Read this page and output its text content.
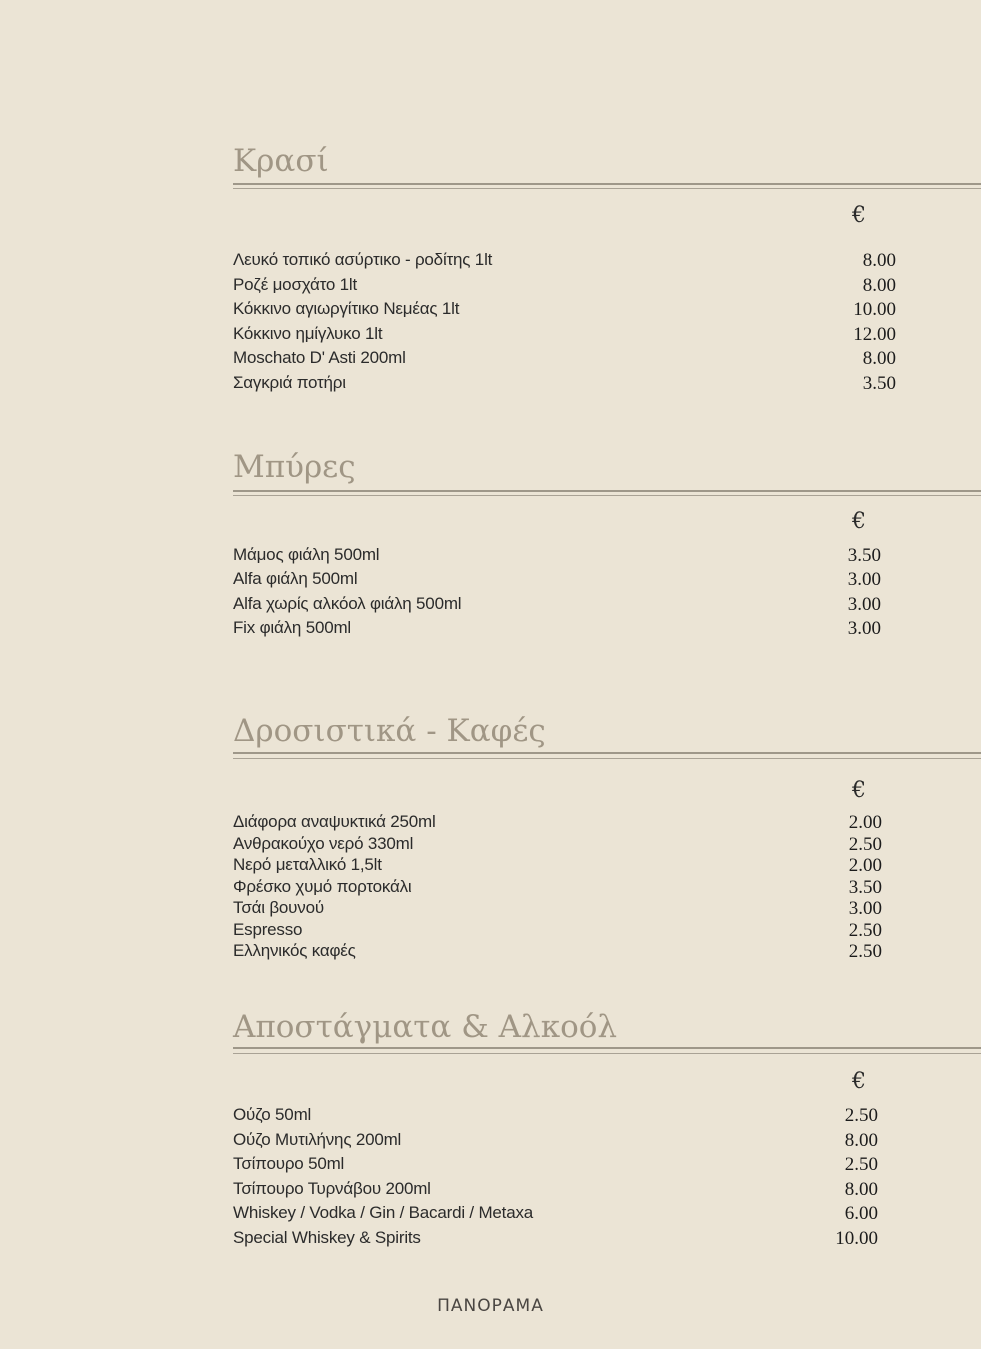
Κρασί
€
Λευκό τοπικό ασύρτικο - ροδίτης 1lt	8.00
Ροζέ μοσχάτο 1lt	8.00
Κόκκινο αγιωργίτικο Νεμέας 1lt	10.00
Κόκκινο ημίγλυκο 1lt	12.00
Moschato D' Asti 200ml	8.00
Σαγκριά ποτήρι	3.50
Μπύρες
€
Μάμος φιάλη 500ml	3.50
Alfa φιάλη 500ml	3.00
Alfa χωρίς αλκόολ φιάλη 500ml	3.00
Fix φιάλη 500ml	3.00
Δροσιστικά - Καφές
€
Διάφορα αναψυκτικά 250ml	2.00
Ανθρακούχο νερό 330ml	2.50
Νερό μεταλλικό 1,5lt	2.00
Φρέσκο χυμό πορτοκάλι	3.50
Τσάι βουνού	3.00
Espresso	2.50
Ελληνικός καφές	2.50
Αποστάγματα & Αλκοόλ
€
Ούζο 50ml	2.50
Ούζο Μυτιλήνης 200ml	8.00
Τσίπουρο 50ml	2.50
Τσίπουρο Τυρνάβου 200ml	8.00
Whiskey / Vodka / Gin / Bacardi / Metaxa	6.00
Special Whiskey & Spirits	10.00
ΠΑΝΟΡΑΜΑ
